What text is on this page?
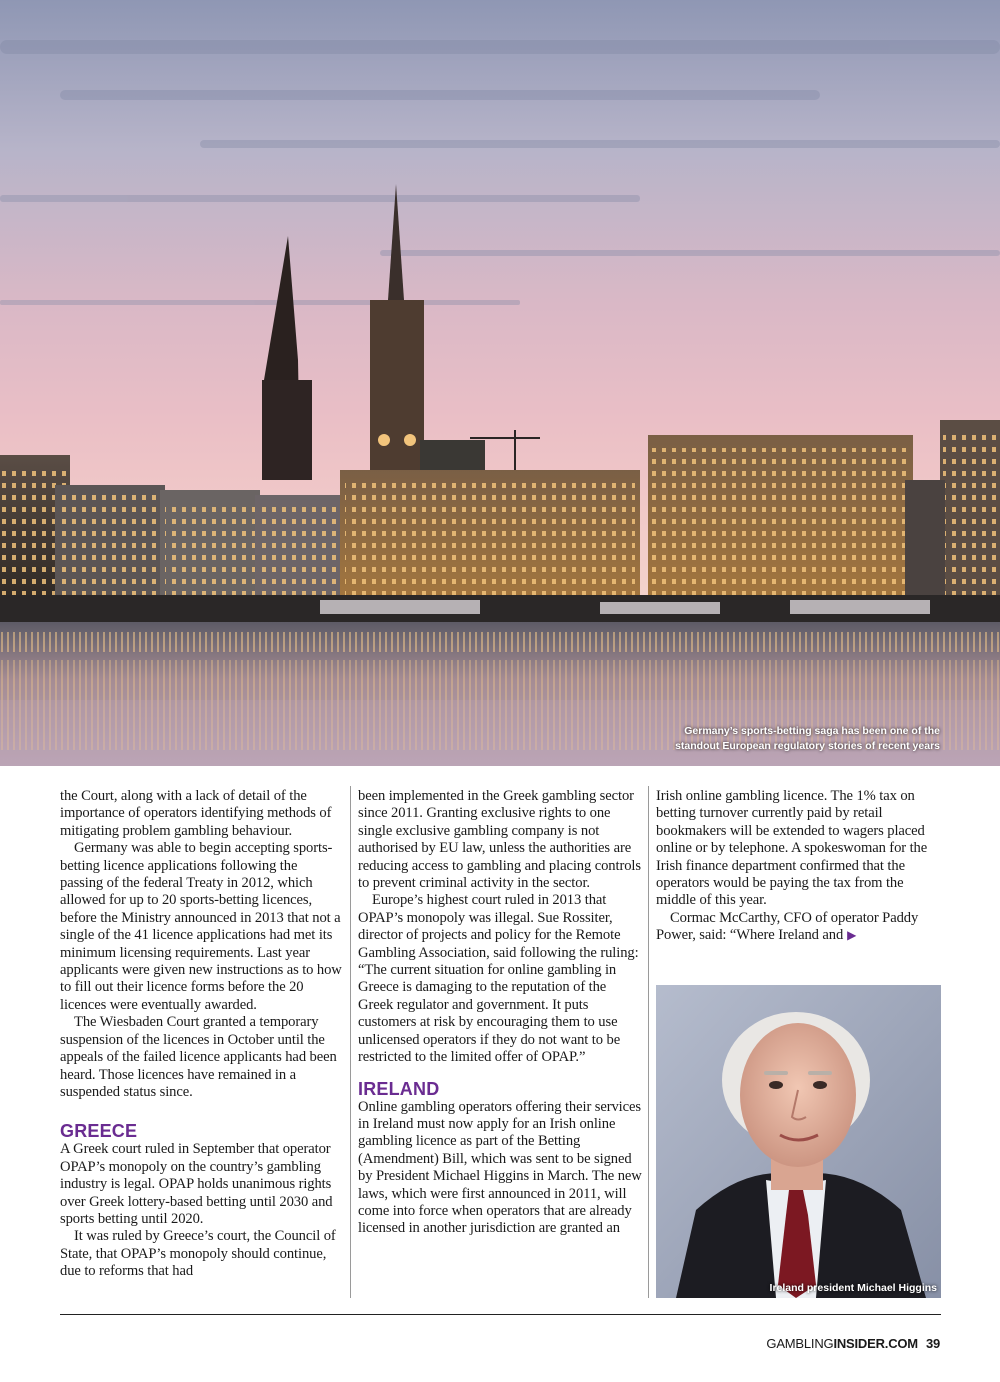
Germany’s sports-betting saga has been one of the standout European regulatory stories of recent years

the Court, along with a lack of detail of the importance of operators identifying methods of mitigating problem gambling behaviour.

Germany was able to begin accepting sports-betting licence applications following the passing of the federal Treaty in 2012, which allowed for up to 20 sports-betting licences, before the Ministry announced in 2013 that not a single of the 41 licence applications had met its minimum licensing requirements. Last year applicants were given new instructions as to how to fill out their licence forms before the 20 licences were eventually awarded.

The Wiesbaden Court granted a temporary suspension of the licences in October until the appeals of the failed licence applicants had been heard. Those licences have remained in a suspended status since.

GREECE

A Greek court ruled in September that operator OPAP’s monopoly on the country’s gambling industry is legal. OPAP holds unanimous rights over Greek lottery-based betting until 2030 and sports betting until 2020.

It was ruled by Greece’s court, the Council of State, that OPAP’s monopoly should continue, due to reforms that had

been implemented in the Greek gambling sector since 2011. Granting exclusive rights to one single exclusive gambling company is not authorised by EU law, unless the authorities are reducing access to gambling and placing controls to prevent criminal activity in the sector.

Europe’s highest court ruled in 2013 that OPAP’s monopoly was illegal. Sue Rossiter, director of projects and policy for the Remote Gambling Association, said following the ruling: “The current situation for online gambling in Greece is damaging to the reputation of the Greek regulator and government. It puts customers at risk by encouraging them to use unlicensed operators if they do not want to be restricted to the limited offer of OPAP.”

IRELAND

Online gambling operators offering their services in Ireland must now apply for an Irish online gambling licence as part of the Betting (Amendment) Bill, which was sent to be signed by President Michael Higgins in March. The new laws, which were first announced in 2011, will come into force when operators that are already licensed in another jurisdiction are granted an

Irish online gambling licence. The 1% tax on betting turnover currently paid by retail bookmakers will be extended to wagers placed online or by telephone. A spokeswoman for the Irish finance department confirmed that the operators would be paying the tax from the middle of this year.

Cormac McCarthy, CFO of operator Paddy Power, said: “Where Ireland and ▶

Ireland president Michael Higgins
GAMBLINGINSIDER.COM 39
